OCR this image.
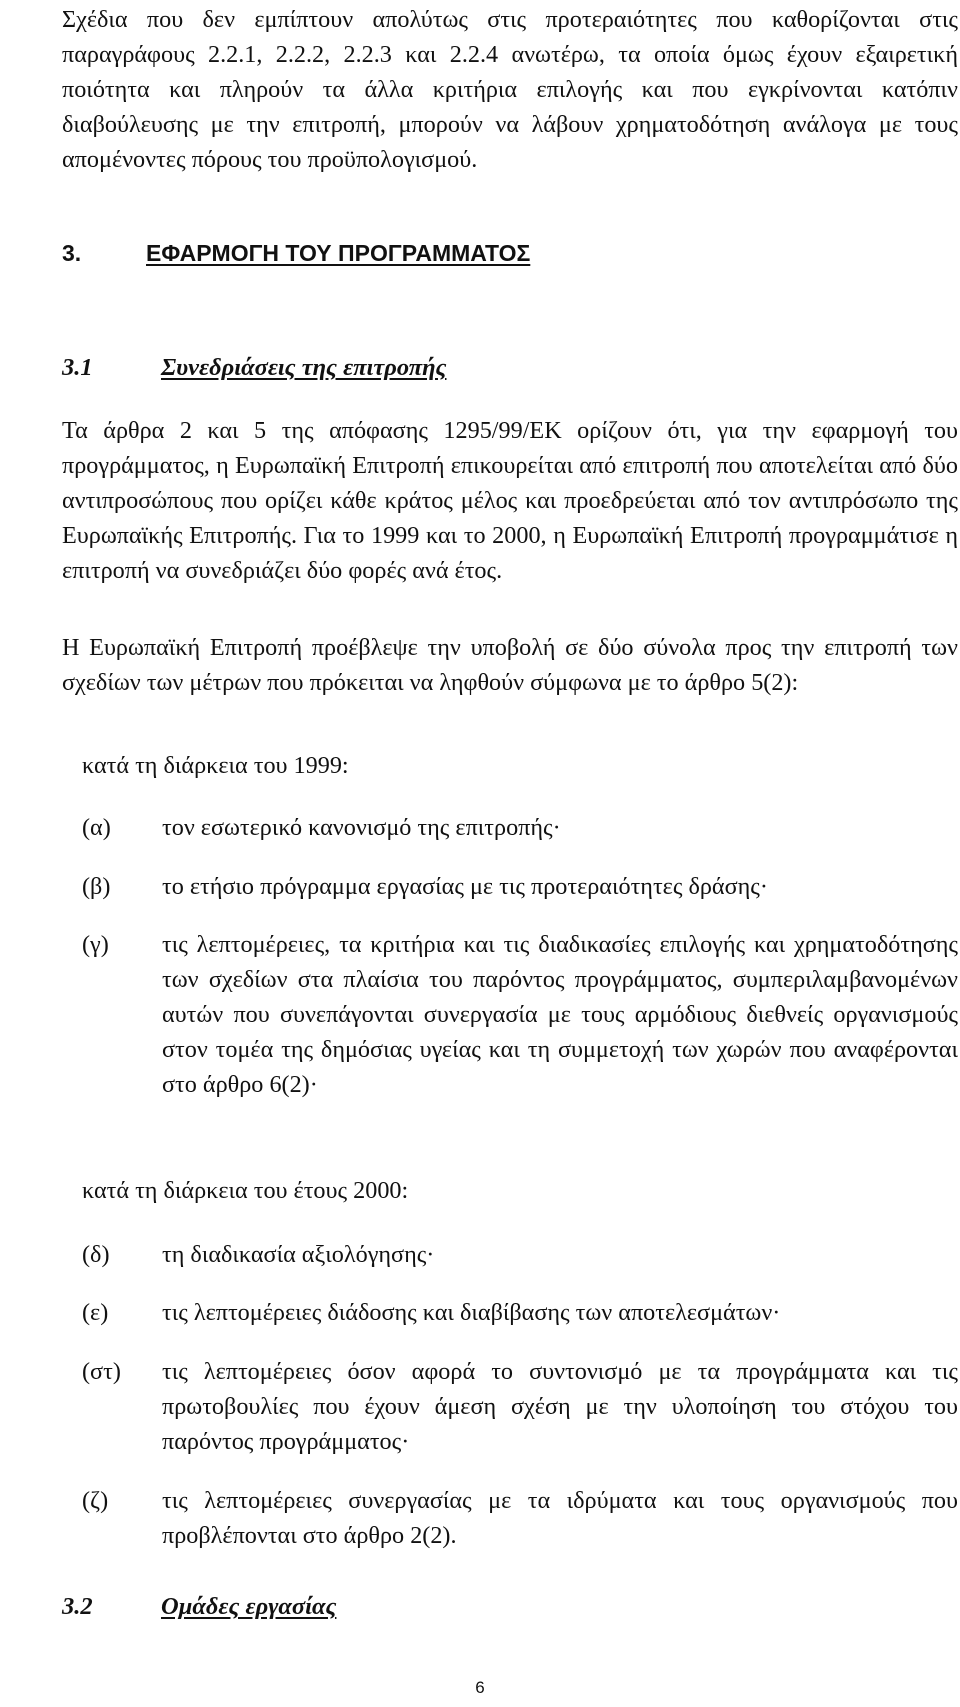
Σχέδια που δεν εμπίπτουν απολύτως στις προτεραιότητες που καθορίζονται στις παραγράφους 2.2.1, 2.2.2, 2.2.3 και 2.2.4 ανωτέρω, τα οποία όμως έχουν εξαιρετική ποιότητα και πληρούν τα άλλα κριτήρια επιλογής και που εγκρίνονται κατόπιν διαβούλευσης με την επιτροπή, μπορούν να λάβουν χρηματοδότηση ανάλογα με τους απομένοντες πόρους του προϋπολογισμού.

3.	ΕΦΑΡΜΟΓΗ ΤΟΥ ΠΡΟΓΡΑΜΜΑΤΟΣ
3.1	Συνεδριάσεις της επιτροπής

Τα άρθρα 2 και 5 της απόφασης 1295/99/ΕΚ ορίζουν ότι, για την εφαρμογή του προγράμματος, η Ευρωπαϊκή Επιτροπή επικουρείται από επιτροπή που αποτελείται από δύο αντιπροσώπους που ορίζει κάθε κράτος μέλος και προεδρεύεται από τον αντιπρόσωπο της Ευρωπαϊκής Επιτροπής. Για το 1999 και το 2000, η Ευρωπαϊκή Επιτροπή προγραμμάτισε η επιτροπή να συνεδριάζει δύο φορές ανά έτος.

Η Ευρωπαϊκή Επιτροπή προέβλεψε την υποβολή σε δύο σύνολα προς την επιτροπή των σχεδίων των μέτρων που πρόκειται να ληφθούν σύμφωνα με το άρθρο 5(2):

κατά τη διάρκεια του 1999:

(α) τον εσωτερικό κανονισμό της επιτροπής·
(β) το ετήσιο πρόγραμμα εργασίας με τις προτεραιότητες δράσης·
(γ) τις λεπτομέρειες, τα κριτήρια και τις διαδικασίες επιλογής και χρηματοδότησης των σχεδίων στα πλαίσια του παρόντος προγράμματος, συμπεριλαμβανομένων αυτών που συνεπάγονται συνεργασία με τους αρμόδιους διεθνείς οργανισμούς στον τομέα της δημόσιας υγείας και τη συμμετοχή των χωρών που αναφέρονται στο άρθρο 6(2)·

κατά τη διάρκεια του έτους 2000:

(δ) τη διαδικασία αξιολόγησης·
(ε) τις λεπτομέρειες διάδοσης και διαβίβασης των αποτελεσμάτων·
(στ) τις λεπτομέρειες όσον αφορά το συντονισμό με τα προγράμματα και τις πρωτοβουλίες που έχουν άμεση σχέση με την υλοποίηση του στόχου του παρόντος προγράμματος·
(ζ) τις λεπτομέρειες συνεργασίας με τα ιδρύματα και τους οργανισμούς που προβλέπονται στο άρθρο 2(2).
3.2	Ομάδες εργασίας
6
